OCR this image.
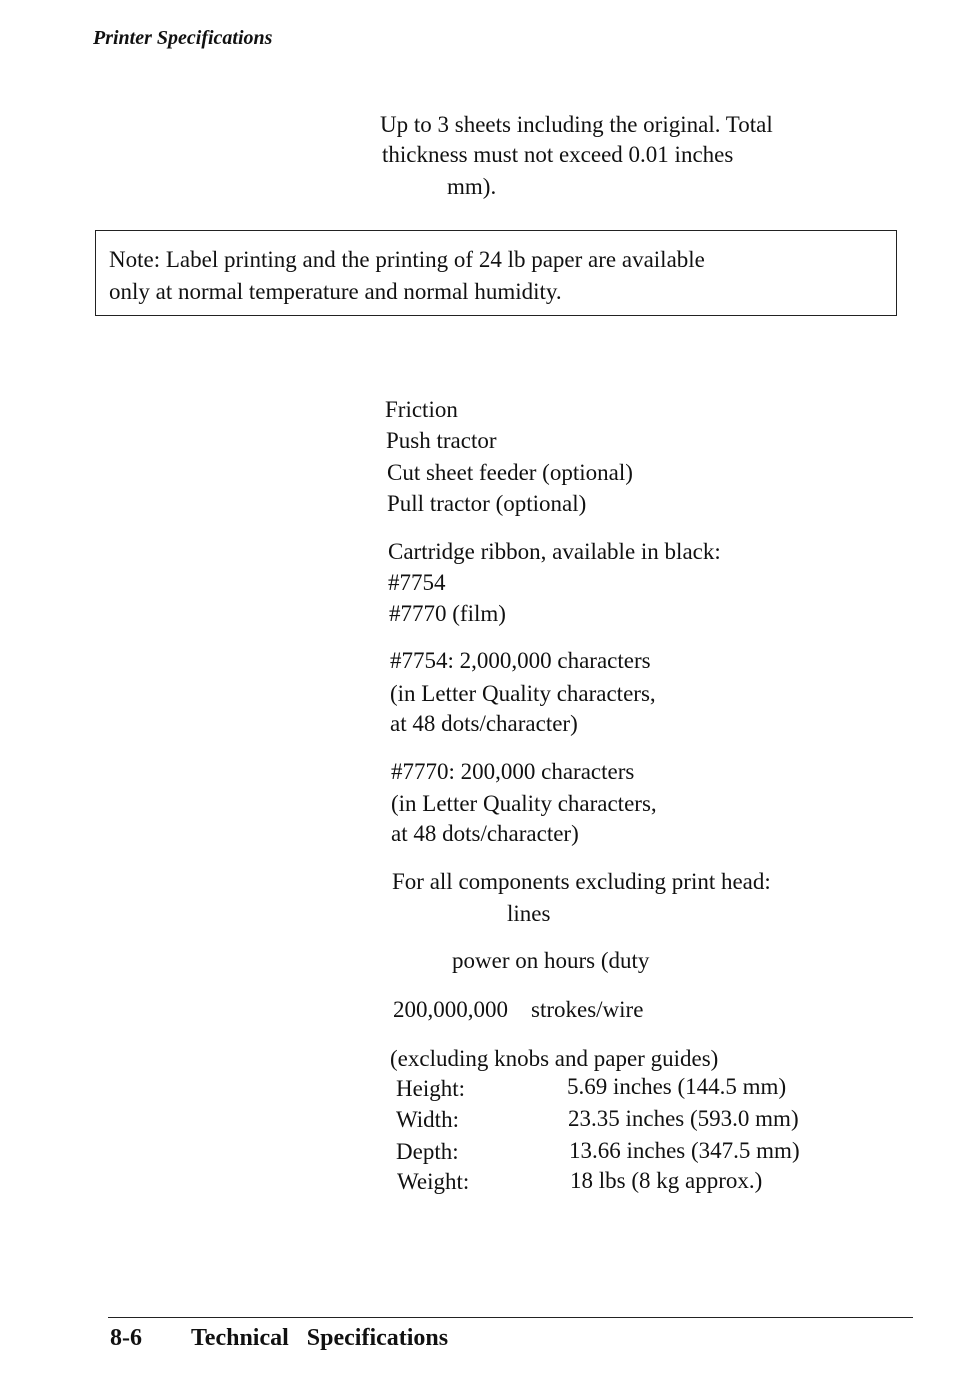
Printer Specifications
Up to 3 sheets including the original. Total
thickness must not exceed 0.01 inches
mm).
Note: Label printing and the printing of 24 lb paper are available
only at normal temperature and normal humidity.
Friction
Push tractor
Cut sheet feeder (optional)
Pull tractor (optional)
Cartridge ribbon, available in black:
#7754
#7770 (film)
#7754: 2,000,000 characters
(in Letter Quality characters,
at 48 dots/character)
#7770: 200,000 characters
(in Letter Quality characters,
at 48 dots/character)
For all components excluding print head:
lines
power on hours (duty
200,000,000    strokes/wire
(excluding knobs and paper guides)
Height:	5.69 inches (144.5 mm)
Width:	23.35 inches (593.0 mm)
Depth:	13.66 inches (347.5 mm)
Weight:	18 lbs (8 kg approx.)
8-6 Technical   Specifications
